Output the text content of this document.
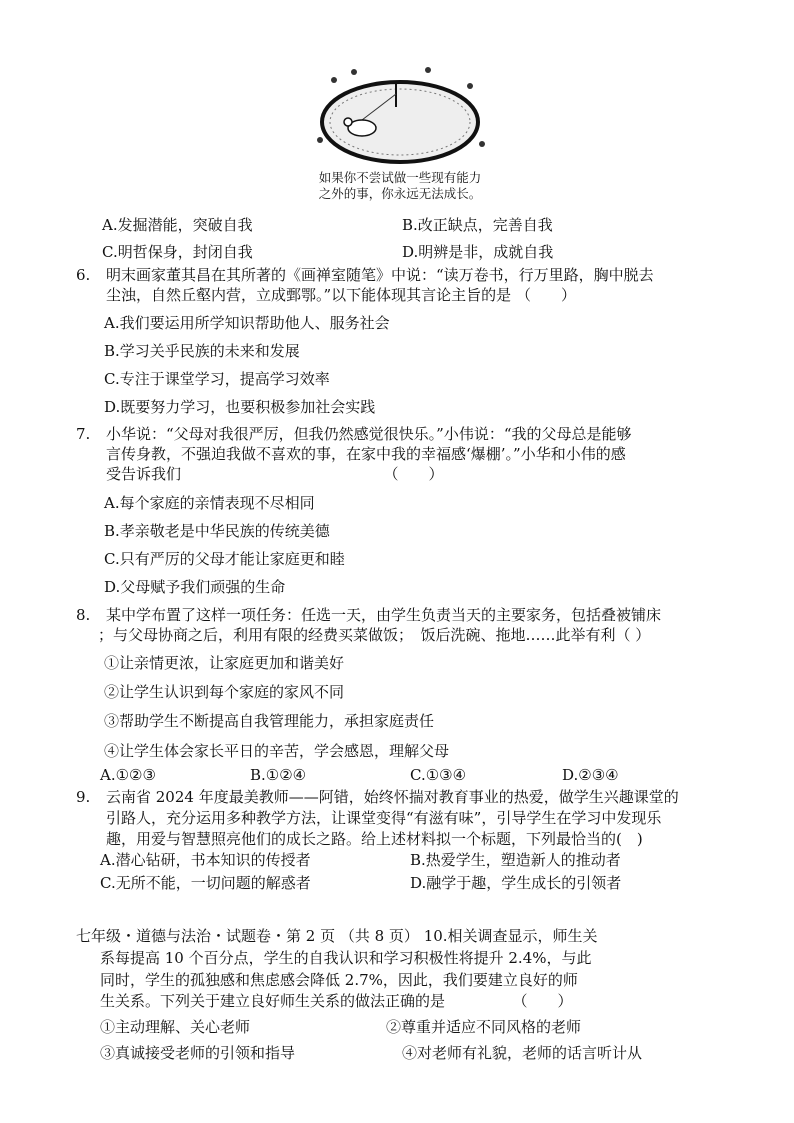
如果你不尝试做一些现有能力
之外的事，你永远无法成长。
A.发掘潜能，突破自我	B.改正缺点，完善自我
C.明哲保身，封闭自我	D.明辨是非，成就自我
6. 明末画家董其昌在其所著的《画禅室随笔》中说：“读万卷书，行万里路，胸中脱去
尘浊，自然丘壑内营，立成鄄鄂。”以下能体现其言论主旨的是 （　　）
A.我们要运用所学知识帮助他人、服务社会
B.学习关乎民族的未来和发展
C.专注于课堂学习，提高学习效率
D.既要努力学习，也要积极参加社会实践
7. 小华说：“父母对我很严厉，但我仍然感觉很快乐。”小伟说：“我的父母总是能够
言传身教，不强迫我做不喜欢的事，在家中我的幸福感‘爆棚’。”小华和小伟的感
受告诉我们　　　　　　　　　　　　　　（　　）
A.每个家庭的亲情表现不尽相同
B.孝亲敬老是中华民族的传统美德
C.只有严厉的父母才能让家庭更和睦
D.父母赋予我们顽强的生命
8. 某中学布置了这样一项任务：任选一天，由学生负责当天的主要家务，包括叠被铺床
；与父母协商之后，利用有限的经费买菜做饭；　饭后洗碗、拖地……此举有利（ ）
①让亲情更浓，让家庭更加和谐美好
②让学生认识到每个家庭的家风不同
③帮助学生不断提高自我管理能力，承担家庭责任
④让学生体会家长平日的辛苦，学会感恩，理解父母
A.①②③	B.①②④	C.①③④	D.②③④
9. 云南省 2024 年度最美教师——阿错，始终怀揣对教育事业的热爱，做学生兴趣课堂的
引路人，充分运用多种教学方法，让课堂变得“有滋有味”，引导学生在学习中发现乐
趣，用爱与智慧照亮他们的成长之路。给上述材料拟一个标题，下列最恰当的(　)
A.潜心钻研，书本知识的传授者	B.热爱学生，塑造新人的推动者
C.无所不能，一切问题的解惑者	D.融学于趣，学生成长的引领者
七年级・道德与法治・试题卷・第 2 页 （共 8 页） 10.相关调查显示，师生关
系每提高 10 个百分点，学生的自我认识和学习积极性将提升 2.4%，与此
同时，学生的孤独感和焦虑感会降低 2.7%，因此，我们要建立良好的师
生关系。下列关于建立良好师生关系的做法正确的是　　　　　（　　）
①主动理解、关心老师	②尊重并适应不同风格的老师
③真诚接受老师的引领和指导	④对老师有礼貌，老师的话言听计从
